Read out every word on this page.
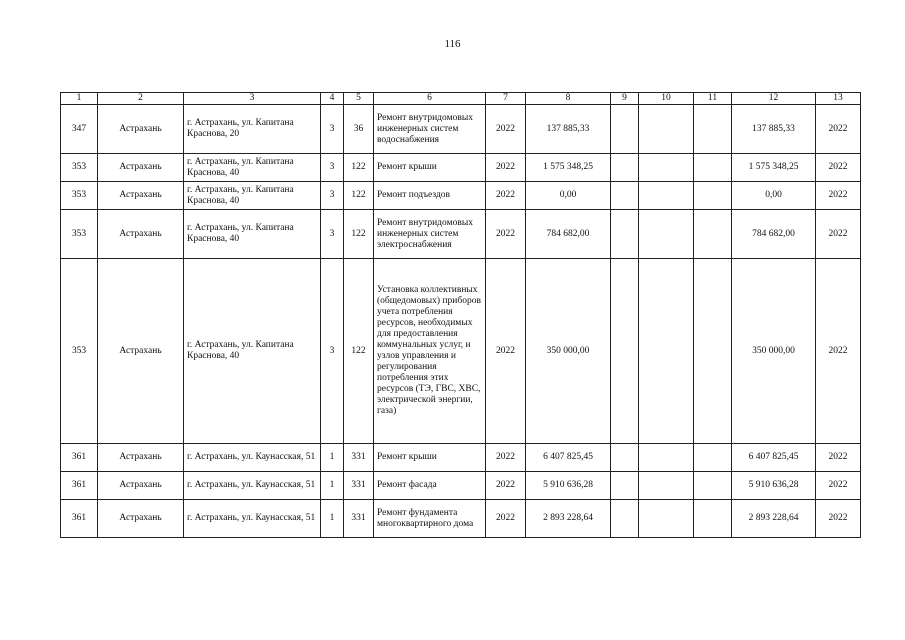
116
1	2	3	4	5	6	7	8	9	10	11	12	13
347	Астрахань	г. Астрахань, ул. Капитана Краснова, 20	3	36	Ремонт внутридомовых инженерных систем водоснабжения	2022	137 885,33				137 885,33	2022
353	Астрахань	г. Астрахань, ул. Капитана Краснова, 40	3	122	Ремонт крыши	2022	1 575 348,25				1 575 348,25	2022
353	Астрахань	г. Астрахань, ул. Капитана Краснова, 40	3	122	Ремонт подъездов	2022	0,00				0,00	2022
353	Астрахань	г. Астрахань, ул. Капитана Краснова, 40	3	122	Ремонт внутридомовых инженерных систем электроснабжения	2022	784 682,00				784 682,00	2022
353	Астрахань	г. Астрахань, ул. Капитана Краснова, 40	3	122	Установка коллективных (общедомовых) приборов учета потребления ресурсов, необходимых для предоставления коммунальных услуг, и узлов управления и регулирования потребления этих ресурсов (ТЭ, ГВС, ХВС, электрической энергии, газа)	2022	350 000,00				350 000,00	2022
361	Астрахань	г. Астрахань, ул. Каунасская, 51	1	331	Ремонт крыши	2022	6 407 825,45				6 407 825,45	2022
361	Астрахань	г. Астрахань, ул. Каунасская, 51	1	331	Ремонт фасада	2022	5 910 636,28				5 910 636,28	2022
361	Астрахань	г. Астрахань, ул. Каунасская, 51	1	331	Ремонт фундамента многоквартирного дома	2022	2 893 228,64				2 893 228,64	2022
